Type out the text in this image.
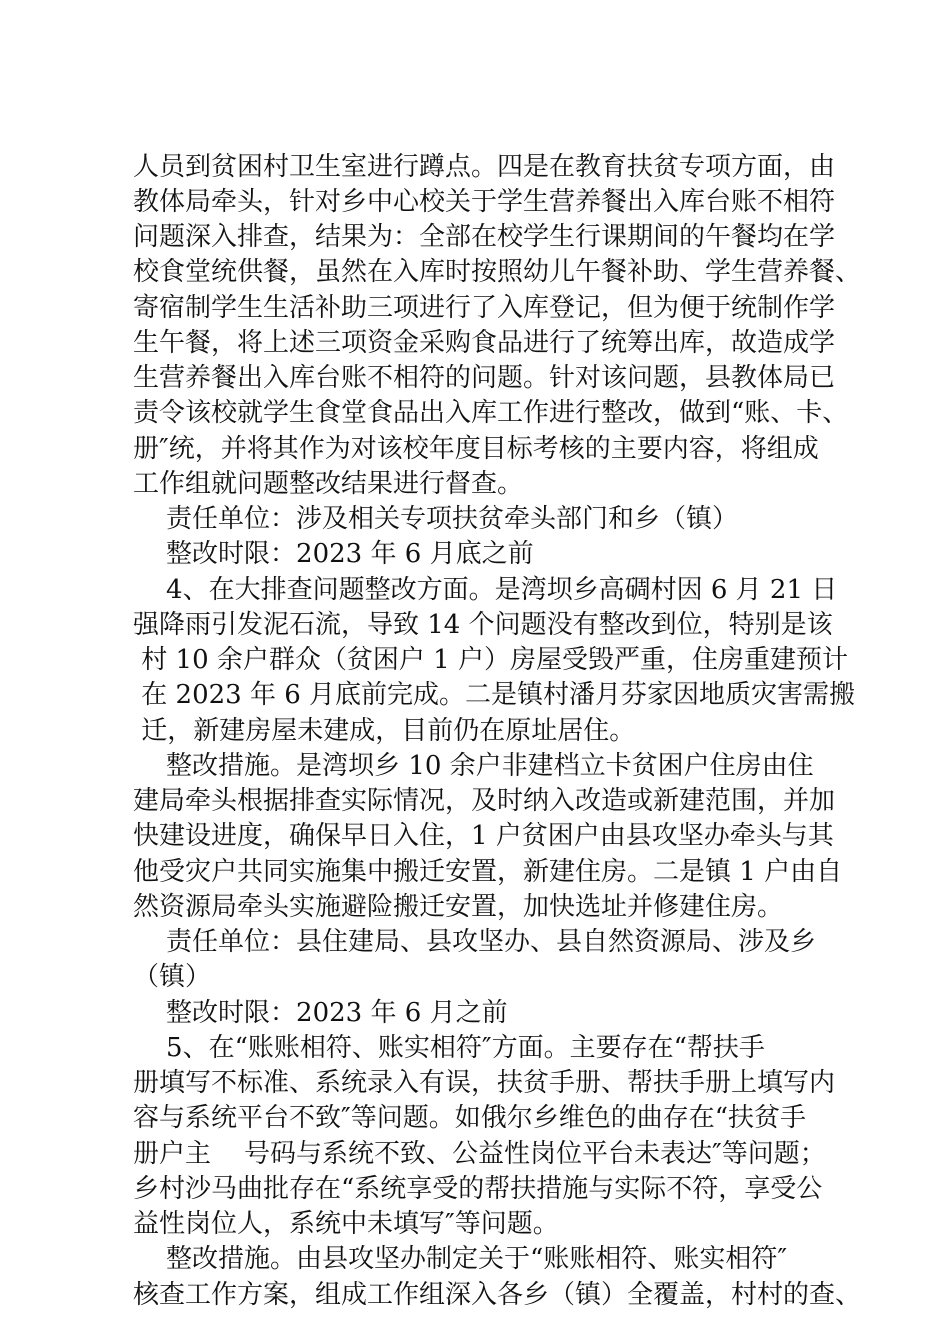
人员到贫困村卫生室进行蹲点。四是在教育扶贫专项方面，由
教体局牵头，针对乡中心校关于学生营养餐出入库台账不相符
问题深入排查，结果为：全部在校学生行课期间的午餐均在学
校食堂统供餐，虽然在入库时按照幼儿午餐补助、学生营养餐、
寄宿制学生生活补助三项进行了入库登记，但为便于统制作学
生午餐，将上述三项资金采购食品进行了统筹出库，故造成学
生营养餐出入库台账不相符的问题。针对该问题，县教体局已
责令该校就学生食堂食品出入库工作进行整改，做到“账、卡、
册″统，并将其作为对该校年度目标考核的主要内容，将组成
工作组就问题整改结果进行督查。
责任单位：涉及相关专项扶贫牵头部门和乡（镇）
整改时限：2023 年 6 月底之前
4、在大排查问题整改方面。是湾坝乡高碉村因 6 月 21 日
强降雨引发泥石流，导致 14 个问题没有整改到位，特别是该
村 10 余户群众（贫困户 1 户）房屋受毁严重，住房重建预计
在 2023 年 6 月底前完成。二是镇村潘月芬家因地质灾害需搬
迁，新建房屋未建成，目前仍在原址居住。
整改措施。是湾坝乡 10 余户非建档立卡贫困户住房由住
建局牵头根据排查实际情况，及时纳入改造或新建范围，并加
快建设进度，确保早日入住，1 户贫困户由县攻坚办牵头与其
他受灾户共同实施集中搬迁安置，新建住房。二是镇 1 户由自
然资源局牵头实施避险搬迁安置，加快选址并修建住房。
责任单位：县住建局、县攻坚办、县自然资源局、涉及乡
（镇）
整改时限：2023 年 6 月之前
5、在“账账相符、账实相符″方面。主要存在“帮扶手
册填写不标准、系统录入有误，扶贫手册、帮扶手册上填写内
容与系统平台不致″等问题。如俄尔乡维色的曲存在“扶贫手
册户主    号码与系统不致、公益性岗位平台未表达″等问题；
乡村沙马曲批存在“系统享受的帮扶措施与实际不符，享受公
益性岗位人，系统中未填写″等问题。
整改措施。由县攻坚办制定关于“账账相符、账实相符″
核查工作方案，组成工作组深入各乡（镇）全覆盖，村村的查、
